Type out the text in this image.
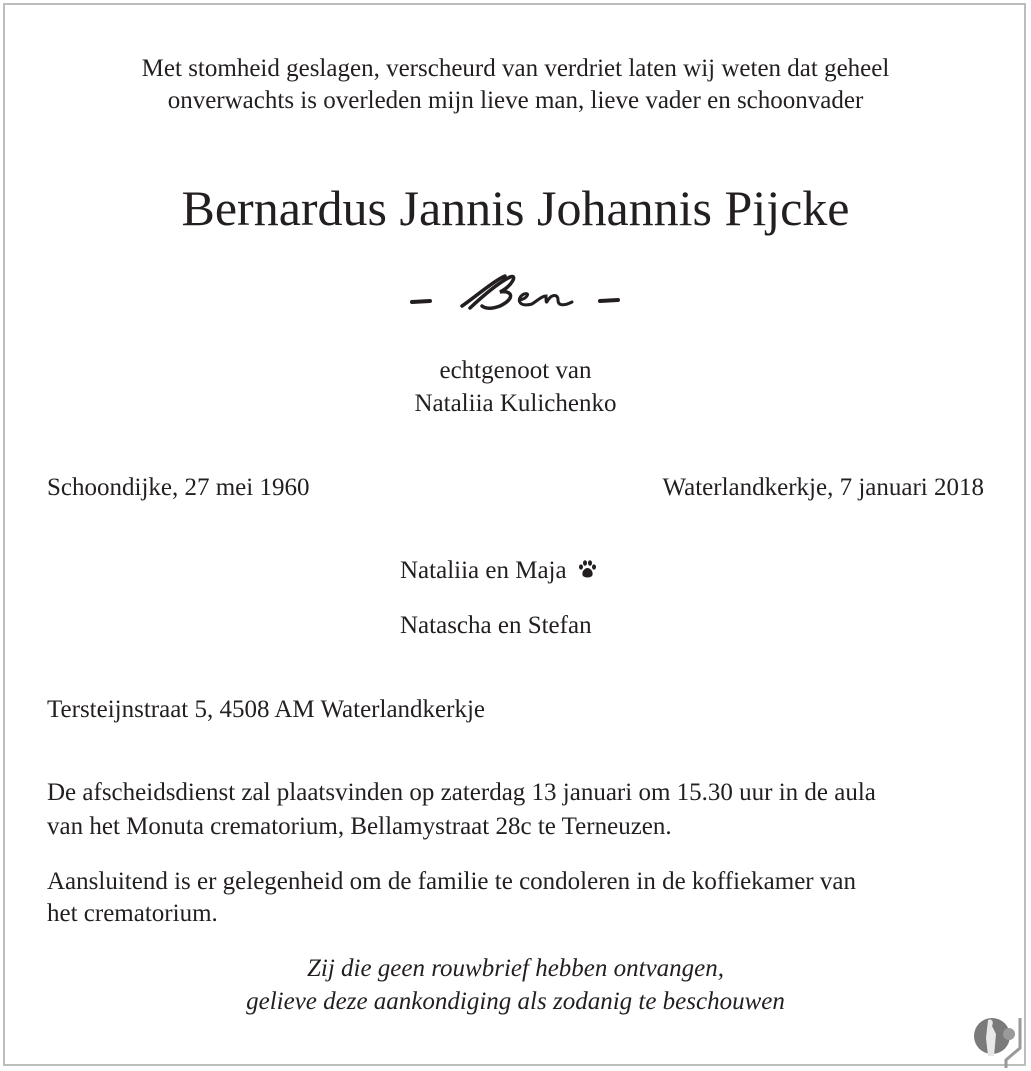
Met stomheid geslagen, verscheurd van verdriet laten wij weten dat geheel
onverwachts is overleden mijn lieve man, lieve vader en schoonvader
Bernardus Jannis Johannis Pijcke
echtgenoot van
Nataliia Kulichenko
Schoondijke, 27 mei 1960	Waterlandkerkje, 7 januari 2018
Nataliia en Maja
Natascha en Stefan
Tersteijnstraat 5, 4508 AM Waterlandkerkje
De afscheidsdienst zal plaatsvinden op zaterdag 13 januari om 15.30 uur in de aula
van het Monuta crematorium, Bellamystraat 28c te Terneuzen.
Aansluitend is er gelegenheid om de familie te condoleren in de koffiekamer van
het crematorium.
Zij die geen rouwbrief hebben ontvangen,
gelieve deze aankondiging als zodanig te beschouwen
